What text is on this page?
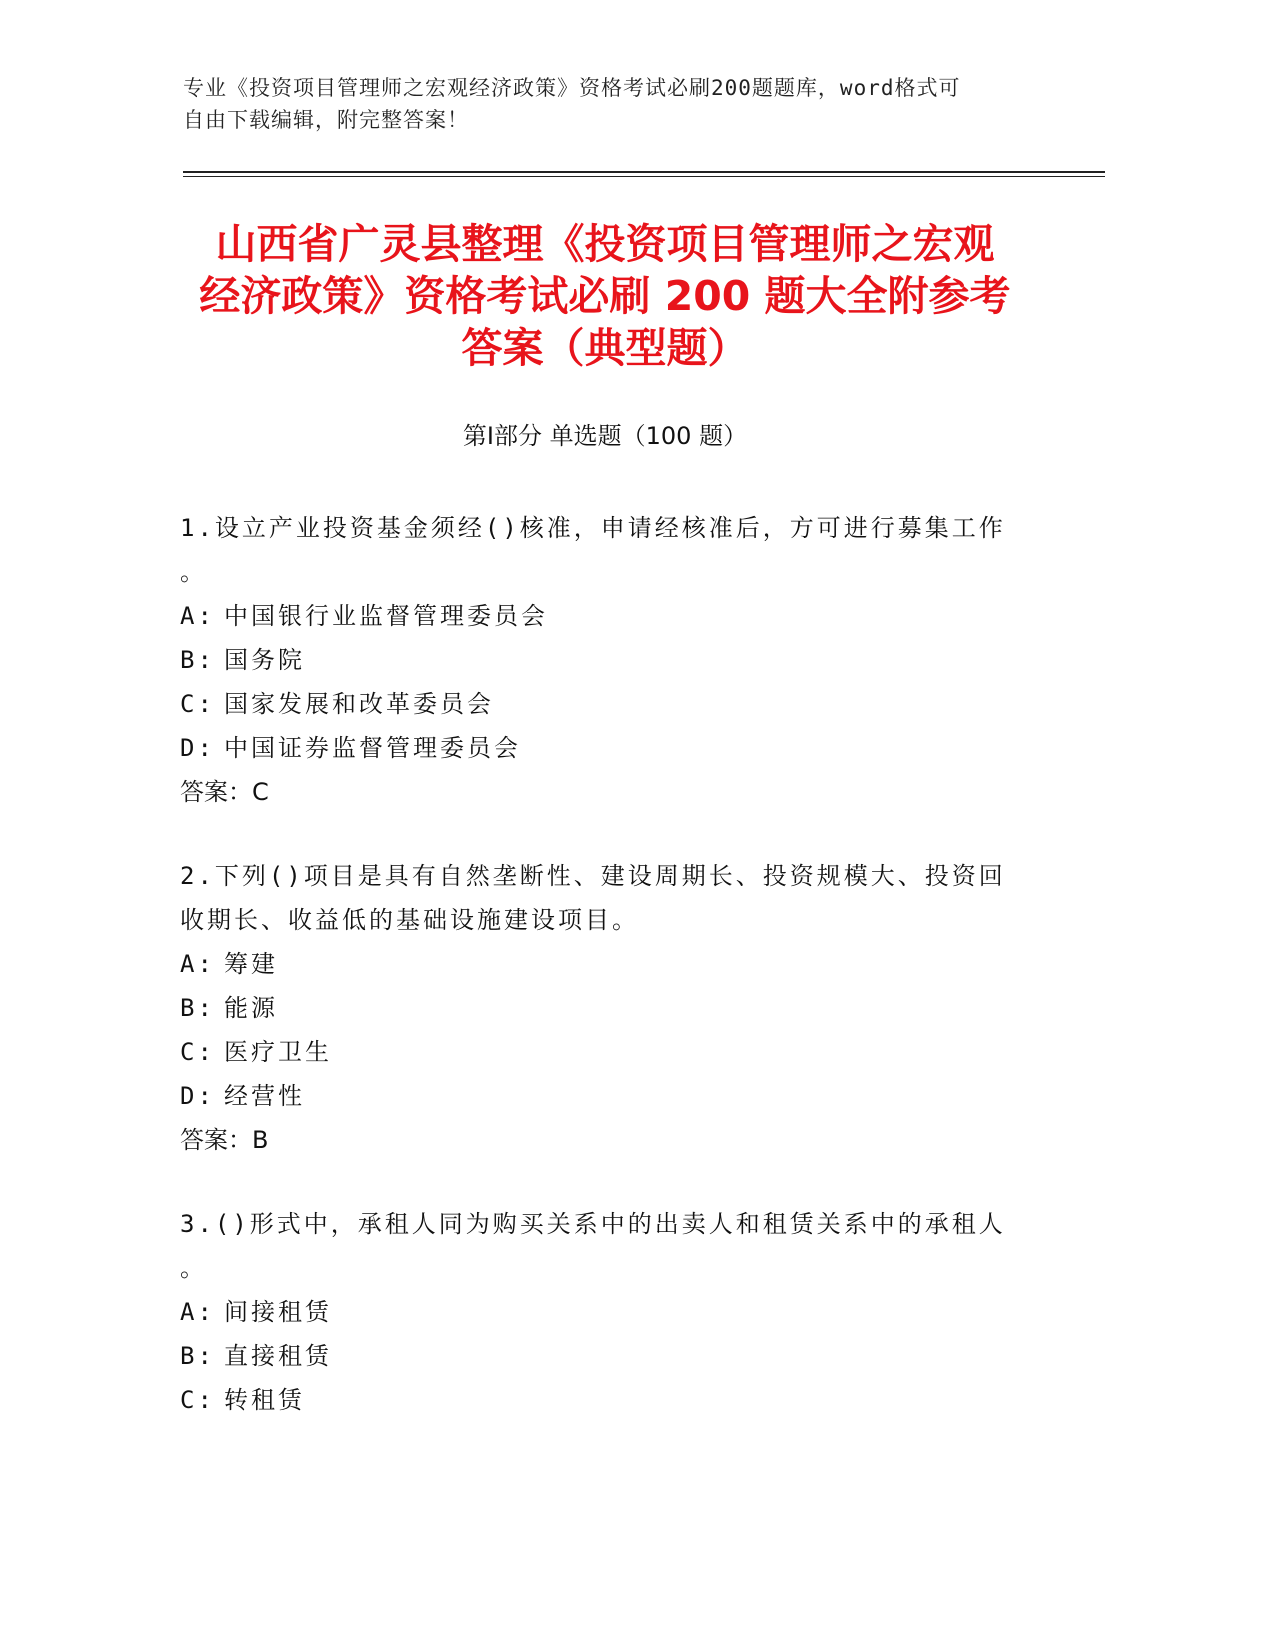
专业《投资项目管理师之宏观经济政策》资格考试必刷200题题库，word格式可
自由下载编辑，附完整答案！
山西省广灵县整理《投资项目管理师之宏观
经济政策》资格考试必刷 200 题大全附参考
答案（典型题）
第Ⅰ部分 单选题（100 题）
1.设立产业投资基金须经()核准，申请经核准后，方可进行募集工作
。
A: 中国银行业监督管理委员会
B: 国务院
C: 国家发展和改革委员会
D: 中国证券监督管理委员会
答案：C
2.下列()项目是具有自然垄断性、建设周期长、投资规模大、投资回
收期长、收益低的基础设施建设项目。
A: 筹建
B: 能源
C: 医疗卫生
D: 经营性
答案：B
3.()形式中，承租人同为购买关系中的出卖人和租赁关系中的承租人
。
A: 间接租赁
B: 直接租赁
C: 转租赁
